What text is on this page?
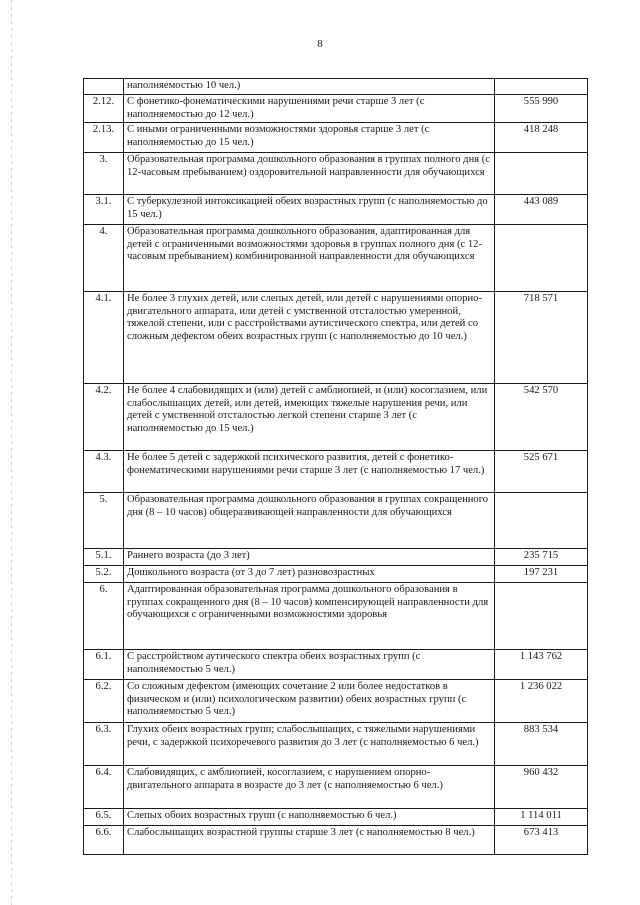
8
	наполняемостью 10 чел.)	
2.12.	С фонетико-фонематическими нарушениями речи старше 3 лет (с наполняемостью до 12 чел.)	555 990
2.13.	С иными ограниченными возможностями здоровья старше 3 лет (с наполняемостью до 15 чел.)	418 248
3.	Образовательная программа дошкольного образования в группах полного дня (с 12-часовым пребыванием) оздоровительной направленности для обучающихся	
3.1.	С туберкулезной интоксикацией обеих возрастных групп (с наполняемостью до 15 чел.)	443 089
4.	Образовательная программа дошкольного образования, адаптированная для детей с ограниченными возможностями здоровья в группах полного дня (с 12-часовым пребыванием) комбинированной направленности для обучающихся	
4.1.	Не более 3 глухих детей, или слепых детей, или детей с нарушениями опорно-двигательного аппарата, или детей с умственной отсталостью умеренной, тяжелой степени, или с расстройствами аутистического спектра, или детей со сложным дефектом обеих возрастных групп (с наполняемостью до 10 чел.)	718 571
4.2.	Не более 4 слабовидящих и (или) детей с амблиопией, и (или) косоглазием, или слабослышащих детей, или детей, имеющих тяжелые нарушения речи, или детей с умственной отсталостью легкой степени старше 3 лет (с наполняемостью до 15 чел.)	542 570
4.3.	Не более 5 детей с задержкой психического развития, детей с фонетико-фонематическими нарушениями речи старше 3 лет (с наполняемостью 17 чел.)	525 671
5.	Образовательная программа дошкольного образования в группах сокращенного дня (8 – 10 часов) общеразвивающей направленности для обучающихся	
5.1.	Раннего возраста (до 3 лет)	235 715
5.2.	Дошкольного возраста (от 3 до 7 лет) разновозрастных	197 231
6.	Адаптированная образовательная программа дошкольного образования в группах сокращенного дня (8 – 10 часов) компенсирующей направленности для обучающихся с ограниченными возможностями здоровья	
6.1.	С расстройством аутического спектра обеих возрастных групп (с наполняемостью 5 чел.)	1 143 762
6.2.	Со сложным дефектом (имеющих сочетание 2 или более недостатков в физическом и (или) психологическом развитии) обеих возрастных групп (с наполняемостью 5 чел.)	1 236 022
6.3.	Глухих обеих возрастных групп; слабослышащих, с тяжелыми нарушениями речи, с задержкой психоречевого развития до 3 лет (с наполняемостью 6 чел.)	883 534
6.4.	Слабовидящих, с амблиопией, косоглазием, с нарушением опорно-двигательного аппарата в возрасте до 3 лет (с наполняемостью 6 чел.)	960 432
6.5.	Слепых обоих возрастных групп (с наполняемостью 6 чел.)	1 114 011
6.6.	Слабослышащих возрастной группы старше 3 лет (с наполняемостью 8 чел.)	673 413
